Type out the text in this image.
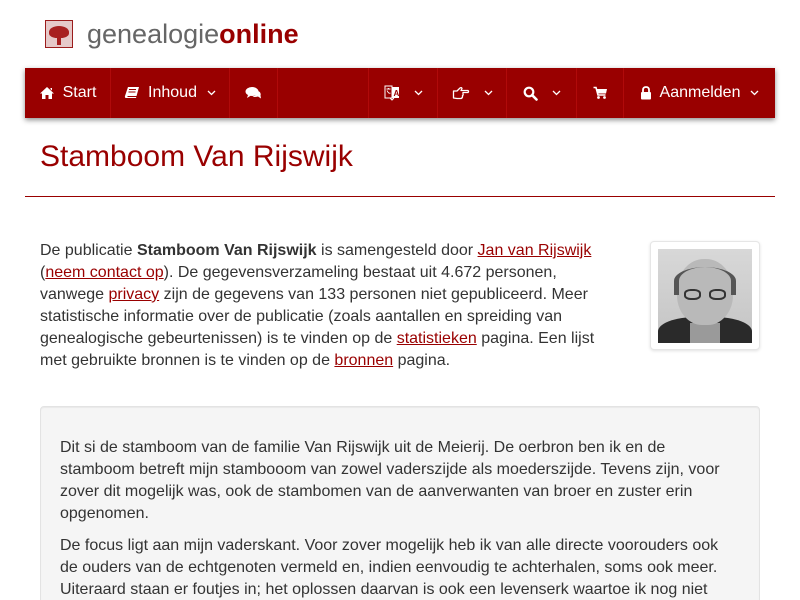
genealogieonline
Start	Inhoud	A	Aanmelden
Stamboom Van Rijswijk

De publicatie Stamboom Van Rijswijk is samengesteld door Jan van Rijswijk (neem contact op). De gegevensverzameling bestaat uit 4.672 personen, vanwege privacy zijn de gegevens van 133 personen niet gepubliceerd. Meer statistische informatie over de publicatie (zoals aantallen en spreiding van genealogische gebeurtenissen) is te vinden op de statistieken pagina. Een lijst met gebruikte bronnen is te vinden op de bronnen pagina.

Dit si de stamboom van de familie Van Rijswijk uit de Meierij. De oerbron ben ik en de stamboom betreft mijn stambooom van zowel vaderszijde als moederszijde. Tevens zijn, voor zover dit mogelijk was, ook de stambomen van de aanverwanten van broer en zuster erin opgenomen.

De focus ligt aan mijn vaderskant. Voor zover mogelijk heb ik van alle directe voorouders ook de ouders van de echtgenoten vermeld en, indien eenvoudig te achterhalen, soms ook meer. Uiteraard staan er foutjes in; het oplossen daarvan is ook een levenserk waartoe ik nog niet
